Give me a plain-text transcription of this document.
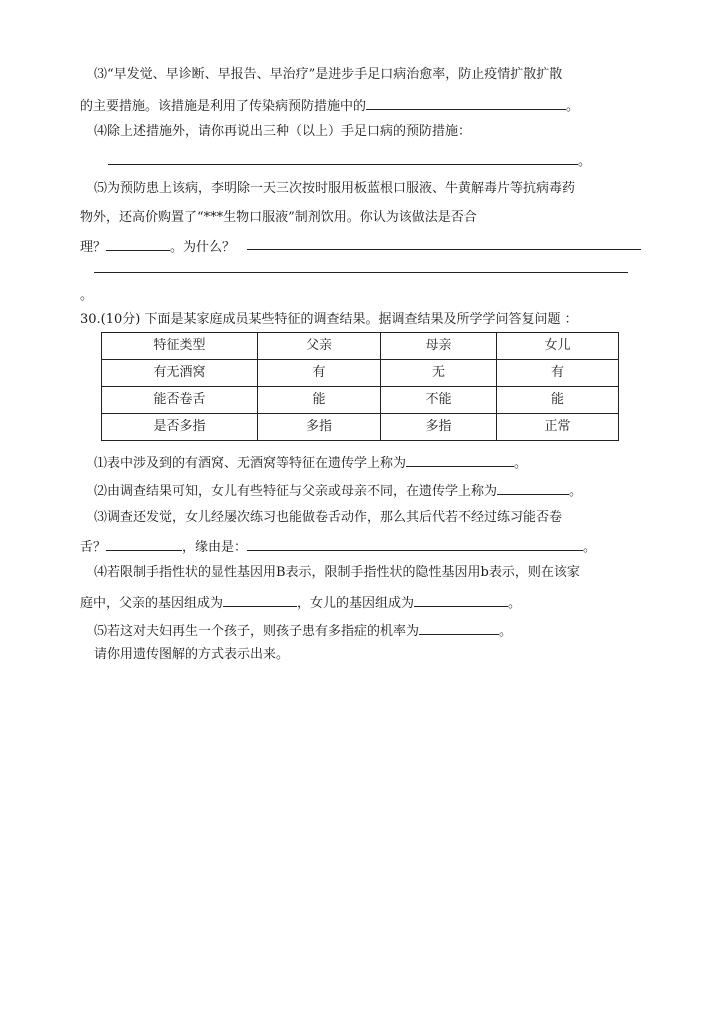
⑶“早发觉、早诊断、早报告、早治疗”是进步手足口病治愈率，防止疫情扩散扩散
的主要措施。该措施是利用了传染病预防措施中的	。
⑷除上述措施外，请你再说出三种（以上）手足口病的预防措施：
。
⑸为预防患上该病，李明除一天三次按时服用板蓝根口服液、牛黄解毒片等抗病毒药
物外，还高价购置了“***生物口服液”制剂饮用。你认为该做法是否合
理？	。为什么？
。
30.(10分) 下面是某家庭成员某些特征的调查结果。据调查结果及所学学问答复问题 ：
特征类型	父亲	母亲	女儿
有无酒窝	有	无	有
能否卷舌	能	不能	能
是否多指	多指	多指	正常
⑴表中涉及到的有酒窝、无酒窝等特征在遗传学上称为	。
⑵由调查结果可知，女儿有些特征与父亲或母亲不同，在遗传学上称为	。
⑶调查还发觉，女儿经屡次练习也能做卷舌动作，那么其后代若不经过练习能否卷
舌？	，缘由是：	。
⑷若限制手指性状的显性基因用B表示，限制手指性状的隐性基因用b表示，则在该家
庭中，父亲的基因组成为	，女儿的基因组成为	。
⑸若这对夫妇再生一个孩子，则孩子患有多指症的机率为	。
请你用遗传图解的方式表示出来。
